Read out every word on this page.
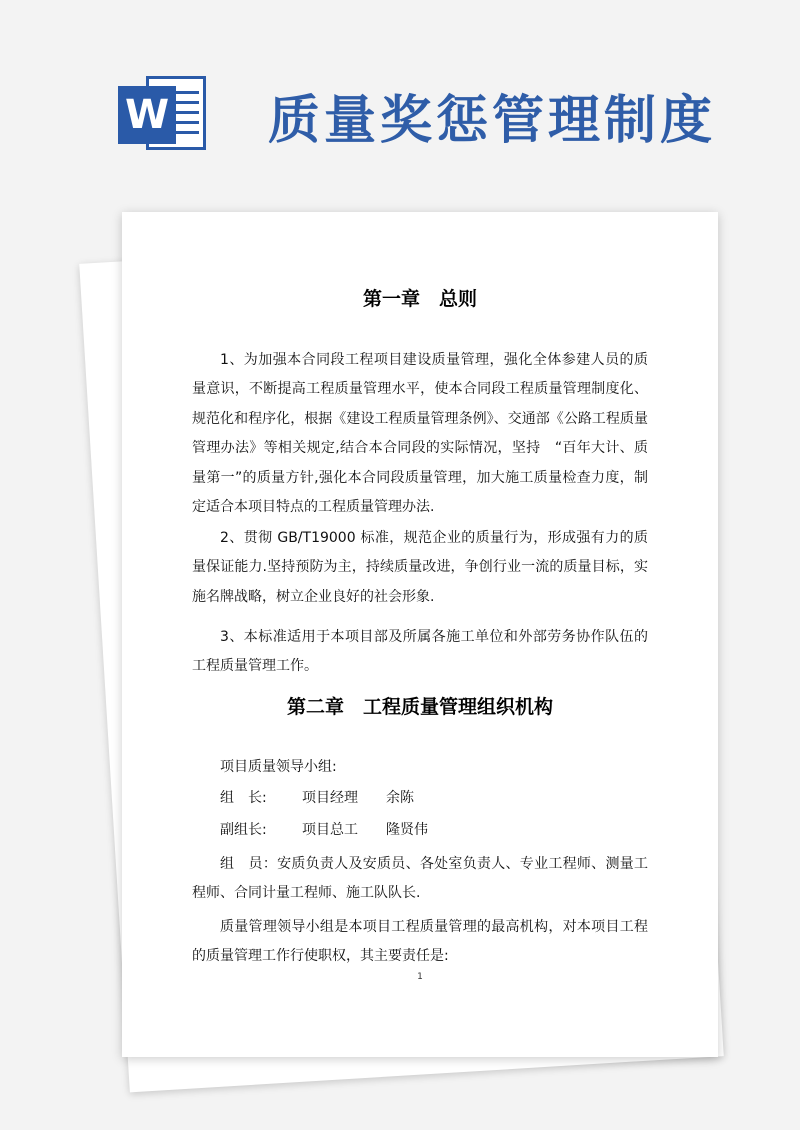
W 质量奖惩管理制度
第一章　总则
1、为加强本合同段工程项目建设质量管理，强化全体参建人员的质量意识，不断提高工程质量管理水平，使本合同段工程质量管理制度化、规范化和程序化，根据《建设工程质量管理条例》、交通部《公路工程质量管理办法》等相关规定,结合本合同段的实际情况，坚持　“百年大计、质量第一”的质量方针,强化本合同段质量管理，加大施工质量检查力度，制定适合本项目特点的工程质量管理办法.
2、贯彻 GB/T19000 标准，规范企业的质量行为，形成强有力的质量保证能力.坚持预防为主，持续质量改进，争创行业一流的质量目标，实施名牌战略，树立企业良好的社会形象.
3、本标准适用于本项目部及所属各施工单位和外部劳务协作队伍的工程质量管理工作。
第二章　工程质量管理组织机构
项目质量领导小组:
组　长:	项目经理 余陈
副组长:	项目总工 隆贤伟
组　员：安质负责人及安质员、各处室负责人、专业工程师、测量工程师、合同计量工程师、施工队队长.
质量管理领导小组是本项目工程质量管理的最高机构，对本项目工程的质量管理工作行使职权，其主要责任是:
1
